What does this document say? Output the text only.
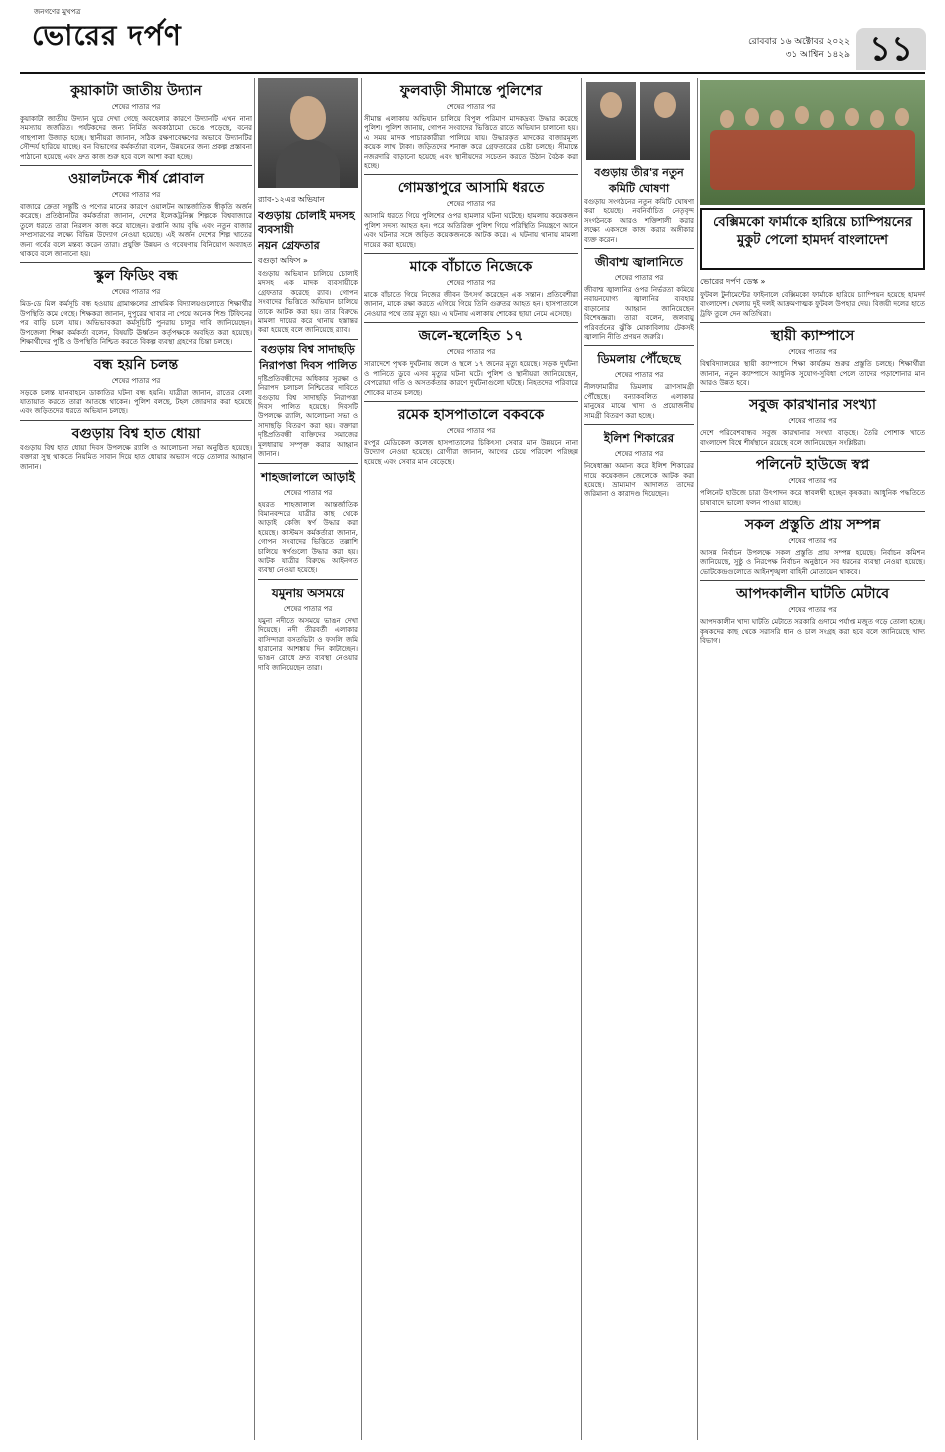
জনগণের মুখপত্র
ভোরের দর্পণ	রোববার ১৬ অক্টোবর ২০২২
৩১ আশ্বিন ১৪২৯ ১১
কুয়াকাটা জাতীয় উদ্যান

শেষের পাতার পর

কুয়াকাটা জাতীয় উদ্যান ঘুরে দেখা গেছে অবহেলার কারণে উদ্যানটি এখন নানা সমস্যায় জর্জরিত। পর্যটকদের জন্য নির্মিত অবকাঠামো ভেঙে পড়েছে, বনের গাছপালা উজাড় হচ্ছে। স্থানীয়রা জানান, সঠিক রক্ষণাবেক্ষণের অভাবে উদ্যানটির সৌন্দর্য হারিয়ে যাচ্ছে। বন বিভাগের কর্মকর্তারা বলেন, উন্নয়নের জন্য প্রকল্প প্রস্তাবনা পাঠানো হয়েছে এবং দ্রুত কাজ শুরু হবে বলে আশা করা হচ্ছে।

ওয়ালটনকে শীর্ষ প্লোবাল

শেষের পাতার পর

বাজারে ক্রেতা সন্তুষ্টি ও পণ্যের মানের কারণে ওয়ালটন আন্তর্জাতিক স্বীকৃতি অর্জন করেছে। প্রতিষ্ঠানটির কর্মকর্তারা জানান, দেশের ইলেকট্রনিক্স শিল্পকে বিশ্ববাজারে তুলে ধরতে তারা নিরলস কাজ করে যাচ্ছেন। রপ্তানি আয় বৃদ্ধি এবং নতুন বাজার সম্প্রসারণের লক্ষ্যে বিভিন্ন উদ্যোগ নেওয়া হয়েছে। এই অর্জন দেশের শিল্প খাতের জন্য গর্বের বলে মন্তব্য করেন তারা। প্রযুক্তি উন্নয়ন ও গবেষণায় বিনিয়োগ অব্যাহত থাকবে বলে জানানো হয়।

স্কুল ফিডিং বন্ধ

শেষের পাতার পর

মিড-ডে মিল কর্মসূচি বন্ধ হওয়ায় গ্রামাঞ্চলের প্রাথমিক বিদ্যালয়গুলোতে শিক্ষার্থীর উপস্থিতি কমে গেছে। শিক্ষকরা জানান, দুপুরের খাবার না পেয়ে অনেক শিশু টিফিনের পর বাড়ি চলে যায়। অভিভাবকরা কর্মসূচিটি পুনরায় চালুর দাবি জানিয়েছেন। উপজেলা শিক্ষা কর্মকর্তা বলেন, বিষয়টি ঊর্ধ্বতন কর্তৃপক্ষকে অবহিত করা হয়েছে। শিক্ষার্থীদের পুষ্টি ও উপস্থিতি নিশ্চিত করতে বিকল্প ব্যবস্থা গ্রহণের চিন্তা চলছে।

বন্ধ হয়নি চলন্ত

শেষের পাতার পর

সড়কে চলন্ত যানবাহনে ডাকাতির ঘটনা বন্ধ হয়নি। যাত্রীরা জানান, রাতের বেলা যাতায়াত করতে তারা আতঙ্কে থাকেন। পুলিশ বলছে, টহল জোরদার করা হয়েছে এবং জড়িতদের ধরতে অভিযান চলছে।

বগুড়ায় বিশ্ব হাত ধোয়া

বগুড়ায় বিশ্ব হাত ধোয়া দিবস উপলক্ষে র‍্যালি ও আলোচনা সভা অনুষ্ঠিত হয়েছে। বক্তারা সুস্থ থাকতে নিয়মিত সাবান দিয়ে হাত ধোয়ার অভ্যাস গড়ে তোলার আহ্বান জানান।

র‍্যাব-১২এর অভিযান
বগুড়ায় চোলাই মদসহ ব্যবসায়ী
নয়ন গ্রেফতার
বগুড়া অফিস »

বগুড়ায় অভিযান চালিয়ে চোলাই মদসহ এক মাদক ব্যবসায়ীকে গ্রেফতার করেছে র‍্যাব। গোপন সংবাদের ভিত্তিতে অভিযান চালিয়ে তাকে আটক করা হয়। তার বিরুদ্ধে মামলা দায়ের করে থানায় হস্তান্তর করা হয়েছে বলে জানিয়েছে র‍্যাব।

বগুড়ায় বিশ্ব সাদাছড়ি
নিরাপত্তা দিবস পালিত

দৃষ্টিপ্রতিবন্ধীদের অধিকার সুরক্ষা ও নিরাপদ চলাচল নিশ্চিতের দাবিতে বগুড়ায় বিশ্ব সাদাছড়ি নিরাপত্তা দিবস পালিত হয়েছে। দিবসটি উপলক্ষে র‍্যালি, আলোচনা সভা ও সাদাছড়ি বিতরণ করা হয়। বক্তারা দৃষ্টিপ্রতিবন্ধী ব্যক্তিদের সমাজের মূলধারায় সম্পৃক্ত করার আহ্বান জানান।

শাহজালালে আড়াই

শেষের পাতার পর

হযরত শাহজালাল আন্তর্জাতিক বিমানবন্দরে যাত্রীর কাছ থেকে আড়াই কেজি স্বর্ণ উদ্ধার করা হয়েছে। কাস্টমস কর্মকর্তারা জানান, গোপন সংবাদের ভিত্তিতে তল্লাশি চালিয়ে স্বর্ণগুলো উদ্ধার করা হয়। আটক যাত্রীর বিরুদ্ধে আইনগত ব্যবস্থা নেওয়া হয়েছে।

যমুনায় অসময়ে

শেষের পাতার পর

যমুনা নদীতে অসময়ে ভাঙন দেখা দিয়েছে। নদী তীরবর্তী এলাকার বাসিন্দারা বসতভিটা ও ফসলি জমি হারানোর আশঙ্কায় দিন কাটাচ্ছেন। ভাঙন রোধে দ্রুত ব্যবস্থা নেওয়ার দাবি জানিয়েছেন তারা।

ফুলবাড়ী সীমান্তে পুলিশের

শেষের পাতার পর

সীমান্ত এলাকায় অভিযান চালিয়ে বিপুল পরিমাণ মাদকদ্রব্য উদ্ধার করেছে পুলিশ। পুলিশ জানায়, গোপন সংবাদের ভিত্তিতে রাতে অভিযান চালানো হয়। এ সময় মাদক পাচারকারীরা পালিয়ে যায়। উদ্ধারকৃত মাদকের বাজারমূল্য কয়েক লাখ টাকা। জড়িতদের শনাক্ত করে গ্রেফতারের চেষ্টা চলছে। সীমান্তে নজরদারি বাড়ানো হয়েছে এবং স্থানীয়দের সচেতন করতে উঠান বৈঠক করা হচ্ছে।

গোমস্তাপুরে আসামি ধরতে

শেষের পাতার পর

আসামি ধরতে গিয়ে পুলিশের ওপর হামলার ঘটনা ঘটেছে। হামলায় কয়েকজন পুলিশ সদস্য আহত হন। পরে অতিরিক্ত পুলিশ গিয়ে পরিস্থিতি নিয়ন্ত্রণে আনে এবং ঘটনার সঙ্গে জড়িত কয়েকজনকে আটক করে। এ ঘটনায় থানায় মামলা দায়ের করা হয়েছে।

মাকে বাঁচাতে নিজেকে

শেষের পাতার পর

মাকে বাঁচাতে গিয়ে নিজের জীবন উৎসর্গ করেছেন এক সন্তান। প্রতিবেশীরা জানান, মাকে রক্ষা করতে এগিয়ে গিয়ে তিনি গুরুতর আহত হন। হাসপাতালে নেওয়ার পথে তার মৃত্যু হয়। এ ঘটনায় এলাকায় শোকের ছায়া নেমে এসেছে।

জলে-স্থলেহিত ১৭

শেষের পাতার পর

সারাদেশে পৃথক দুর্ঘটনায় জলে ও স্থলে ১৭ জনের মৃত্যু হয়েছে। সড়ক দুর্ঘটনা ও পানিতে ডুবে এসব মৃত্যুর ঘটনা ঘটে। পুলিশ ও স্থানীয়রা জানিয়েছেন, বেপরোয়া গতি ও অসতর্কতার কারণে দুর্ঘটনাগুলো ঘটছে। নিহতদের পরিবারে শোকের মাতম চলছে।

রমেক হাসপাতালে বকবকে

শেষের পাতার পর

রংপুর মেডিকেল কলেজ হাসপাতালের চিকিৎসা সেবার মান উন্নয়নে নানা উদ্যোগ নেওয়া হয়েছে। রোগীরা জানান, আগের চেয়ে পরিবেশ পরিচ্ছন্ন হয়েছে এবং সেবার মান বেড়েছে।

বগুড়ায় তীর'র নতুন
কমিটি ঘোষণা

বগুড়ায় সংগঠনের নতুন কমিটি ঘোষণা করা হয়েছে। নবনির্বাচিত নেতৃবৃন্দ সংগঠনকে আরও শক্তিশালী করার লক্ষ্যে একসঙ্গে কাজ করার অঙ্গীকার ব্যক্ত করেন।

জীবাশ্ম জ্বালানিতে

শেষের পাতার পর

জীবাশ্ম জ্বালানির ওপর নির্ভরতা কমিয়ে নবায়নযোগ্য জ্বালানির ব্যবহার বাড়ানোর আহ্বান জানিয়েছেন বিশেষজ্ঞরা। তারা বলেন, জলবায়ু পরিবর্তনের ঝুঁকি মোকাবিলায় টেকসই জ্বালানি নীতি প্রণয়ন জরুরি।

ডিমলায় পৌঁছেছে

শেষের পাতার পর

নীলফামারীর ডিমলায় ত্রাণসামগ্রী পৌঁছেছে। বন্যাকবলিত এলাকার মানুষের মাঝে খাদ্য ও প্রয়োজনীয় সামগ্রী বিতরণ করা হচ্ছে।

ইলিশ শিকারের

শেষের পাতার পর

নিষেধাজ্ঞা অমান্য করে ইলিশ শিকারের দায়ে কয়েকজন জেলেকে আটক করা হয়েছে। ভ্রাম্যমাণ আদালত তাদের জরিমানা ও কারাদণ্ড দিয়েছেন।

বেক্সিমকো ফার্মাকে হারিয়ে চ্যাম্পিয়নের মুকুট পেলো হামদর্দ বাংলাদেশ
ভোরের দর্পণ ডেস্ক »

ফুটবল টুর্নামেন্টের ফাইনালে বেক্সিমকো ফার্মাকে হারিয়ে চ্যাম্পিয়ন হয়েছে হামদর্দ বাংলাদেশ। খেলায় দুই দলই আক্রমণাত্মক ফুটবল উপহার দেয়। বিজয়ী দলের হাতে ট্রফি তুলে দেন অতিথিরা।

স্থায়ী ক্যাম্পাসে

শেষের পাতার পর

বিশ্ববিদ্যালয়ের স্থায়ী ক্যাম্পাসে শিক্ষা কার্যক্রম শুরুর প্রস্তুতি চলছে। শিক্ষার্থীরা জানান, নতুন ক্যাম্পাসে আধুনিক সুযোগ-সুবিধা পেলে তাদের পড়াশোনার মান আরও উন্নত হবে।

সবুজ কারখানার সংখ্যা

শেষের পাতার পর

দেশে পরিবেশবান্ধব সবুজ কারখানার সংখ্যা বাড়ছে। তৈরি পোশাক খাতে বাংলাদেশ বিশ্বে শীর্ষস্থানে রয়েছে বলে জানিয়েছেন সংশ্লিষ্টরা।

পলিনেট হাউজে স্বপ্ন

শেষের পাতার পর

পলিনেট হাউজে চারা উৎপাদন করে স্বাবলম্বী হচ্ছেন কৃষকরা। আধুনিক পদ্ধতিতে চাষাবাদে ভালো ফলন পাওয়া যাচ্ছে।

সকল প্রস্তুতি প্রায় সম্পন্ন

শেষের পাতার পর

আসন্ন নির্বাচন উপলক্ষে সকল প্রস্তুতি প্রায় সম্পন্ন হয়েছে। নির্বাচন কমিশন জানিয়েছে, সুষ্ঠু ও নিরপেক্ষ নির্বাচন অনুষ্ঠানে সব ধরনের ব্যবস্থা নেওয়া হয়েছে। ভোটকেন্দ্রগুলোতে আইনশৃঙ্খলা বাহিনী মোতায়েন থাকবে।

আপদকালীন ঘাটতি মেটাবে

শেষের পাতার পর

আপদকালীন খাদ্য ঘাটতি মেটাতে সরকারি গুদামে পর্যাপ্ত মজুত গড়ে তোলা হচ্ছে। কৃষকদের কাছ থেকে সরাসরি ধান ও চাল সংগ্রহ করা হবে বলে জানিয়েছে খাদ্য বিভাগ।
